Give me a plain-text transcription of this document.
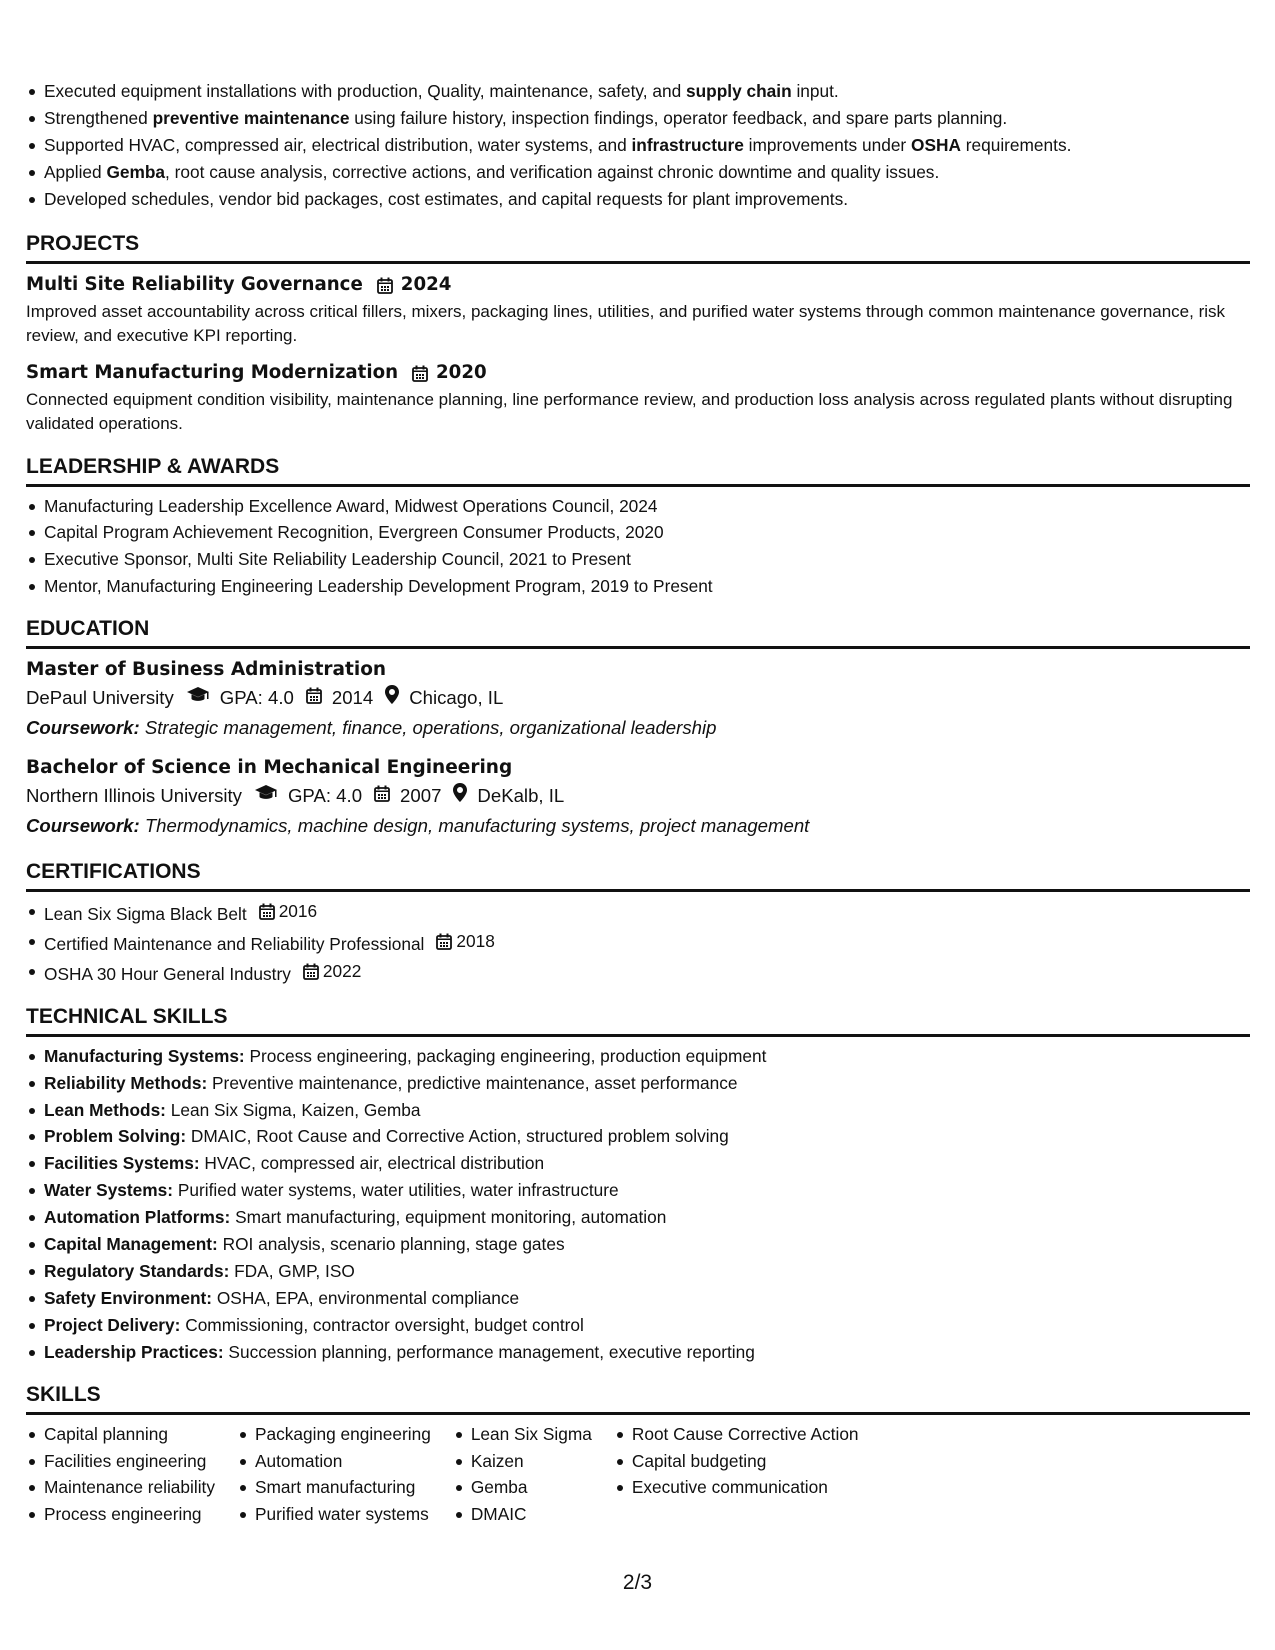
Executed equipment installations with production, Quality, maintenance, safety, and supply chain input.
Strengthened preventive maintenance using failure history, inspection findings, operator feedback, and spare parts planning.
Supported HVAC, compressed air, electrical distribution, water systems, and infrastructure improvements under OSHA requirements.
Applied Gemba, root cause analysis, corrective actions, and verification against chronic downtime and quality issues.
Developed schedules, vendor bid packages, cost estimates, and capital requests for plant improvements.
PROJECTS
Multi Site Reliability Governance 2024

Improved asset accountability across critical fillers, mixers, packaging lines, utilities, and purified water systems through common maintenance governance, risk review, and executive KPI reporting.

Smart Manufacturing Modernization 2020

Connected equipment condition visibility, maintenance planning, line performance review, and production loss analysis across regulated plants without disrupting validated operations.

LEADERSHIP & AWARDS
Manufacturing Leadership Excellence Award, Midwest Operations Council, 2024
Capital Program Achievement Recognition, Evergreen Consumer Products, 2020
Executive Sponsor, Multi Site Reliability Leadership Council, 2021 to Present
Mentor, Manufacturing Engineering Leadership Development Program, 2019 to Present
EDUCATION
Master of Business Administration
DePaul University GPA: 4.0 2014 Chicago, IL
Coursework: Strategic management, finance, operations, organizational leadership
Bachelor of Science in Mechanical Engineering
Northern Illinois University GPA: 4.0 2007 DeKalb, IL
Coursework: Thermodynamics, machine design, manufacturing systems, project management
CERTIFICATIONS
Lean Six Sigma Black Belt 2016
Certified Maintenance and Reliability Professional 2018
OSHA 30 Hour General Industry 2022
TECHNICAL SKILLS
Manufacturing Systems: Process engineering, packaging engineering, production equipment
Reliability Methods: Preventive maintenance, predictive maintenance, asset performance
Lean Methods: Lean Six Sigma, Kaizen, Gemba
Problem Solving: DMAIC, Root Cause and Corrective Action, structured problem solving
Facilities Systems: HVAC, compressed air, electrical distribution
Water Systems: Purified water systems, water utilities, water infrastructure
Automation Platforms: Smart manufacturing, equipment monitoring, automation
Capital Management: ROI analysis, scenario planning, stage gates
Regulatory Standards: FDA, GMP, ISO
Safety Environment: OSHA, EPA, environmental compliance
Project Delivery: Commissioning, contractor oversight, budget control
Leadership Practices: Succession planning, performance management, executive reporting
SKILLS
Capital planning
Facilities engineering
Maintenance reliability
Process engineering
Packaging engineering
Automation
Smart manufacturing
Purified water systems
Lean Six Sigma
Kaizen
Gemba
DMAIC
Root Cause Corrective Action
Capital budgeting
Executive communication
2/3
